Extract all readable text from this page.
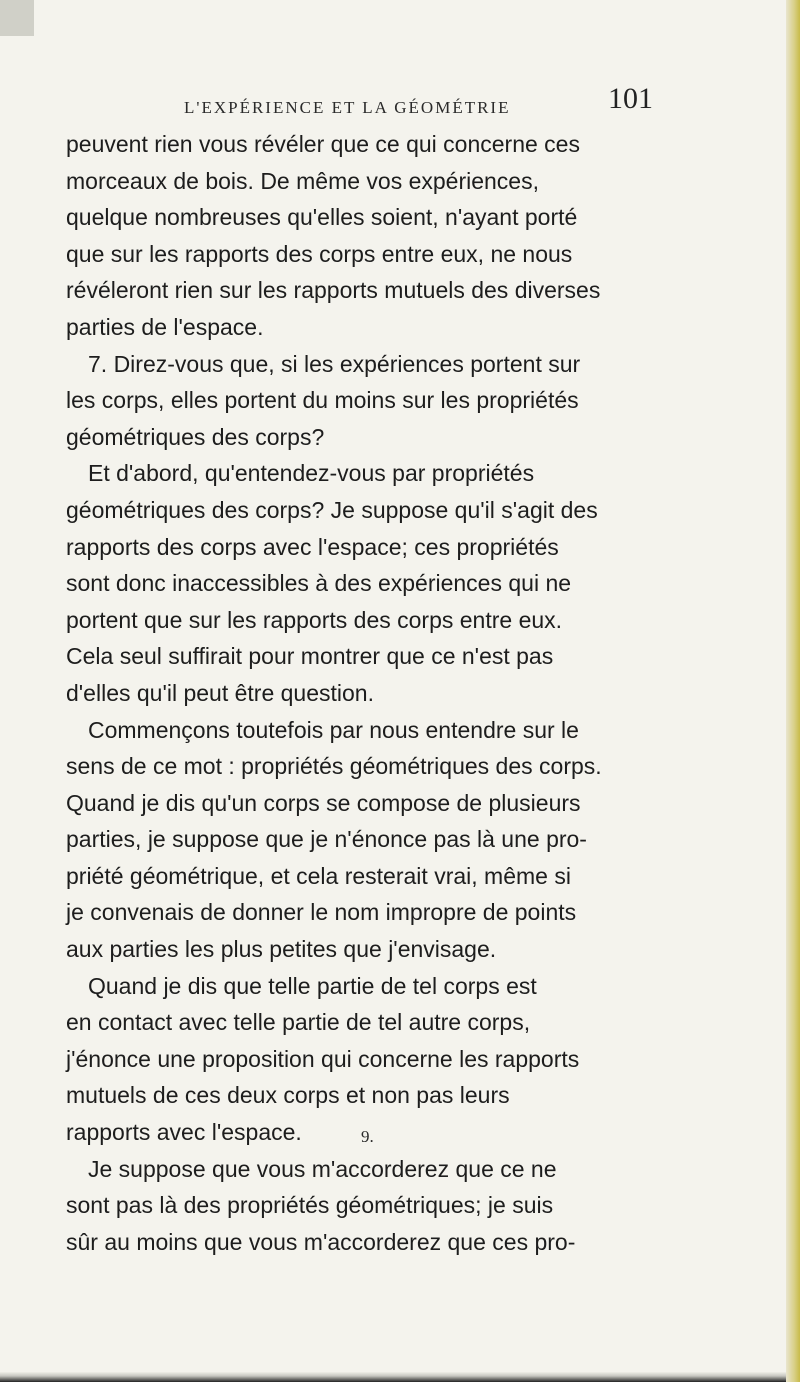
L'EXPÉRIENCE ET LA GÉOMÉTRIE	101
peuvent rien vous révéler que ce qui concerne ces
morceaux de bois. De même vos expériences,
quelque nombreuses qu'elles soient, n'ayant porté
que sur les rapports des corps entre eux, ne nous
révéleront rien sur les rapports mutuels des diverses
parties de l'espace.
7. Direz-vous que, si les expériences portent sur
les corps, elles portent du moins sur les propriétés
géométriques des corps?
Et d'abord, qu'entendez-vous par propriétés
géométriques des corps? Je suppose qu'il s'agit des
rapports des corps avec l'espace; ces propriétés
sont donc inaccessibles à des expériences qui ne
portent que sur les rapports des corps entre eux.
Cela seul suffirait pour montrer que ce n'est pas
d'elles qu'il peut être question.
Commençons toutefois par nous entendre sur le
sens de ce mot : propriétés géométriques des corps.
Quand je dis qu'un corps se compose de plusieurs
parties, je suppose que je n'énonce pas là une pro-
priété géométrique, et cela resterait vrai, même si
je convenais de donner le nom impropre de points
aux parties les plus petites que j'envisage.
Quand je dis que telle partie de tel corps est
en contact avec telle partie de tel autre corps,
j'énonce une proposition qui concerne les rapports
mutuels de ces deux corps et non pas leurs
rapports avec l'espace.
Je suppose que vous m'accorderez que ce ne
sont pas là des propriétés géométriques; je suis
sûr au moins que vous m'accorderez que ces pro-
9.
